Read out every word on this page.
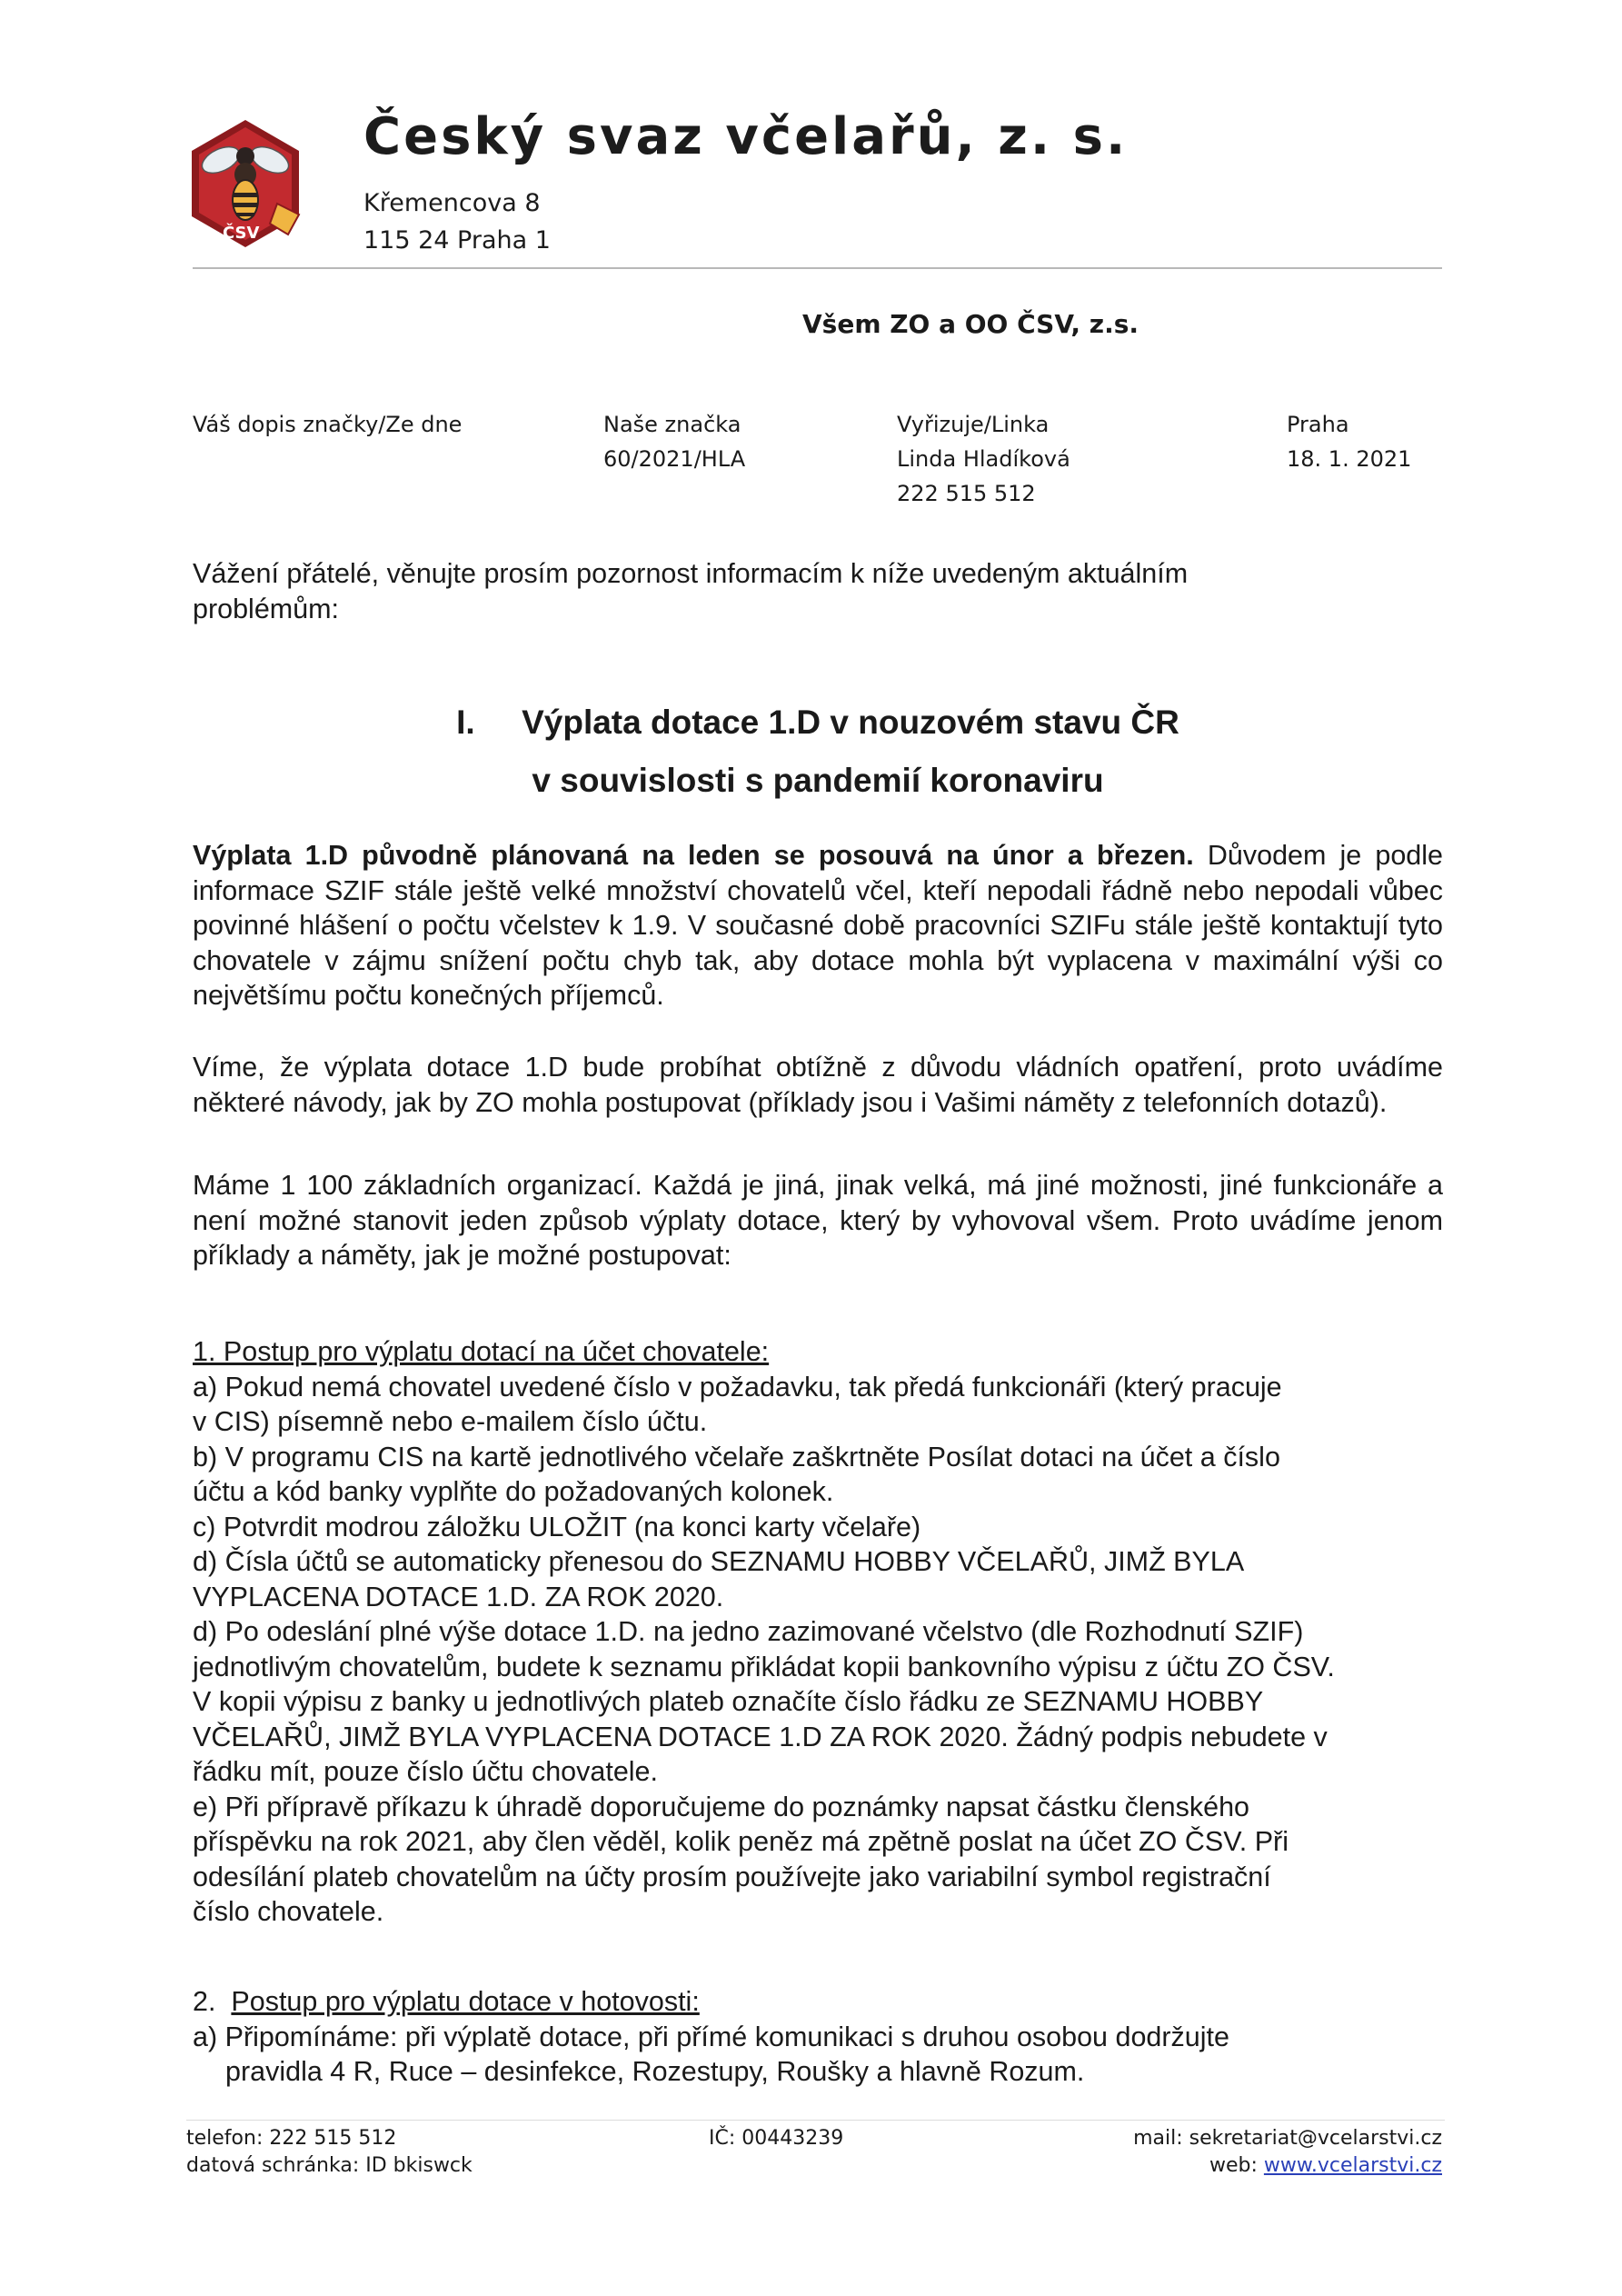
ČSV
Český svaz včelařů, z. s.
Křemencova 8
115 24 Praha 1
Všem ZO a OO ČSV, z.s.
Váš dopis značky/Ze dne	Naše značka
60/2021/HLA
Vyřizuje/Linka
Linda Hladíková
222 515 512
Praha
18. 1. 2021
Vážení přátelé, věnujte prosím pozornost informacím k níže uvedeným aktuálním
problémům:
I. Výplata dotace 1.D v nouzovém stavu ČR
v souvislosti s pandemií koronaviru
Výplata 1.D původně plánovaná na leden se posouvá na únor a březen. Důvodem je podle informace SZIF stále ještě velké množství chovatelů včel, kteří nepodali řádně nebo nepodali vůbec povinné hlášení o počtu včelstev k 1.9. V současné době pracovníci SZIFu stále ještě kontaktují tyto chovatele v zájmu snížení počtu chyb tak, aby dotace mohla být vyplacena v maximální výši co největšímu počtu konečných příjemců.
Víme, že výplata dotace 1.D bude probíhat obtížně z důvodu vládních opatření, proto uvádíme některé návody, jak by ZO mohla postupovat (příklady jsou i Vašimi náměty z telefonních dotazů).
Máme 1 100 základních organizací. Každá je jiná, jinak velká, má jiné možnosti, jiné funkcionáře a není možné stanovit jeden způsob výplaty dotace, který by vyhovoval všem. Proto uvádíme jenom příklady a náměty, jak je možné postupovat:
1. Postup pro výplatu dotací na účet chovatele:
a) Pokud nemá chovatel uvedené číslo v požadavku, tak předá funkcionáři (který pracuje
v CIS) písemně nebo e-mailem číslo účtu.
b) V programu CIS na kartě jednotlivého včelaře zaškrtněte Posílat dotaci na účet a číslo
účtu a kód banky vyplňte do požadovaných kolonek.
c) Potvrdit modrou záložku ULOŽIT (na konci karty včelaře)
d) Čísla účtů se automaticky přenesou do SEZNAMU HOBBY VČELAŘŮ, JIMŽ BYLA
VYPLACENA DOTACE 1.D. ZA ROK 2020.
d) Po odeslání plné výše dotace 1.D. na jedno zazimované včelstvo (dle Rozhodnutí SZIF)
jednotlivým chovatelům, budete k seznamu přikládat kopii bankovního výpisu z účtu ZO ČSV.
V kopii výpisu z banky u jednotlivých plateb označíte číslo řádku ze SEZNAMU HOBBY
VČELAŘŮ, JIMŽ BYLA VYPLACENA DOTACE 1.D ZA ROK 2020. Žádný podpis nebudete v
řádku mít, pouze číslo účtu chovatele.
e) Při přípravě příkazu k úhradě doporučujeme do poznámky napsat částku členského
příspěvku na rok 2021, aby člen věděl, kolik peněz má zpětně poslat na účet ZO ČSV. Při
odesílání plateb chovatelům na účty prosím používejte jako variabilní symbol registrační
číslo chovatele.
2. Postup pro výplatu dotace v hotovosti:
a) Připomínáme: při výplatě dotace, při přímé komunikaci s druhou osobou dodržujte
pravidla 4 R, Ruce – desinfekce, Rozestupy, Roušky a hlavně Rozum.
telefon: 222 515 512
datová schránka: ID bkiswck
IČ: 00443239	mail: sekretariat@vcelarstvi.cz
web: www.vcelarstvi.cz
